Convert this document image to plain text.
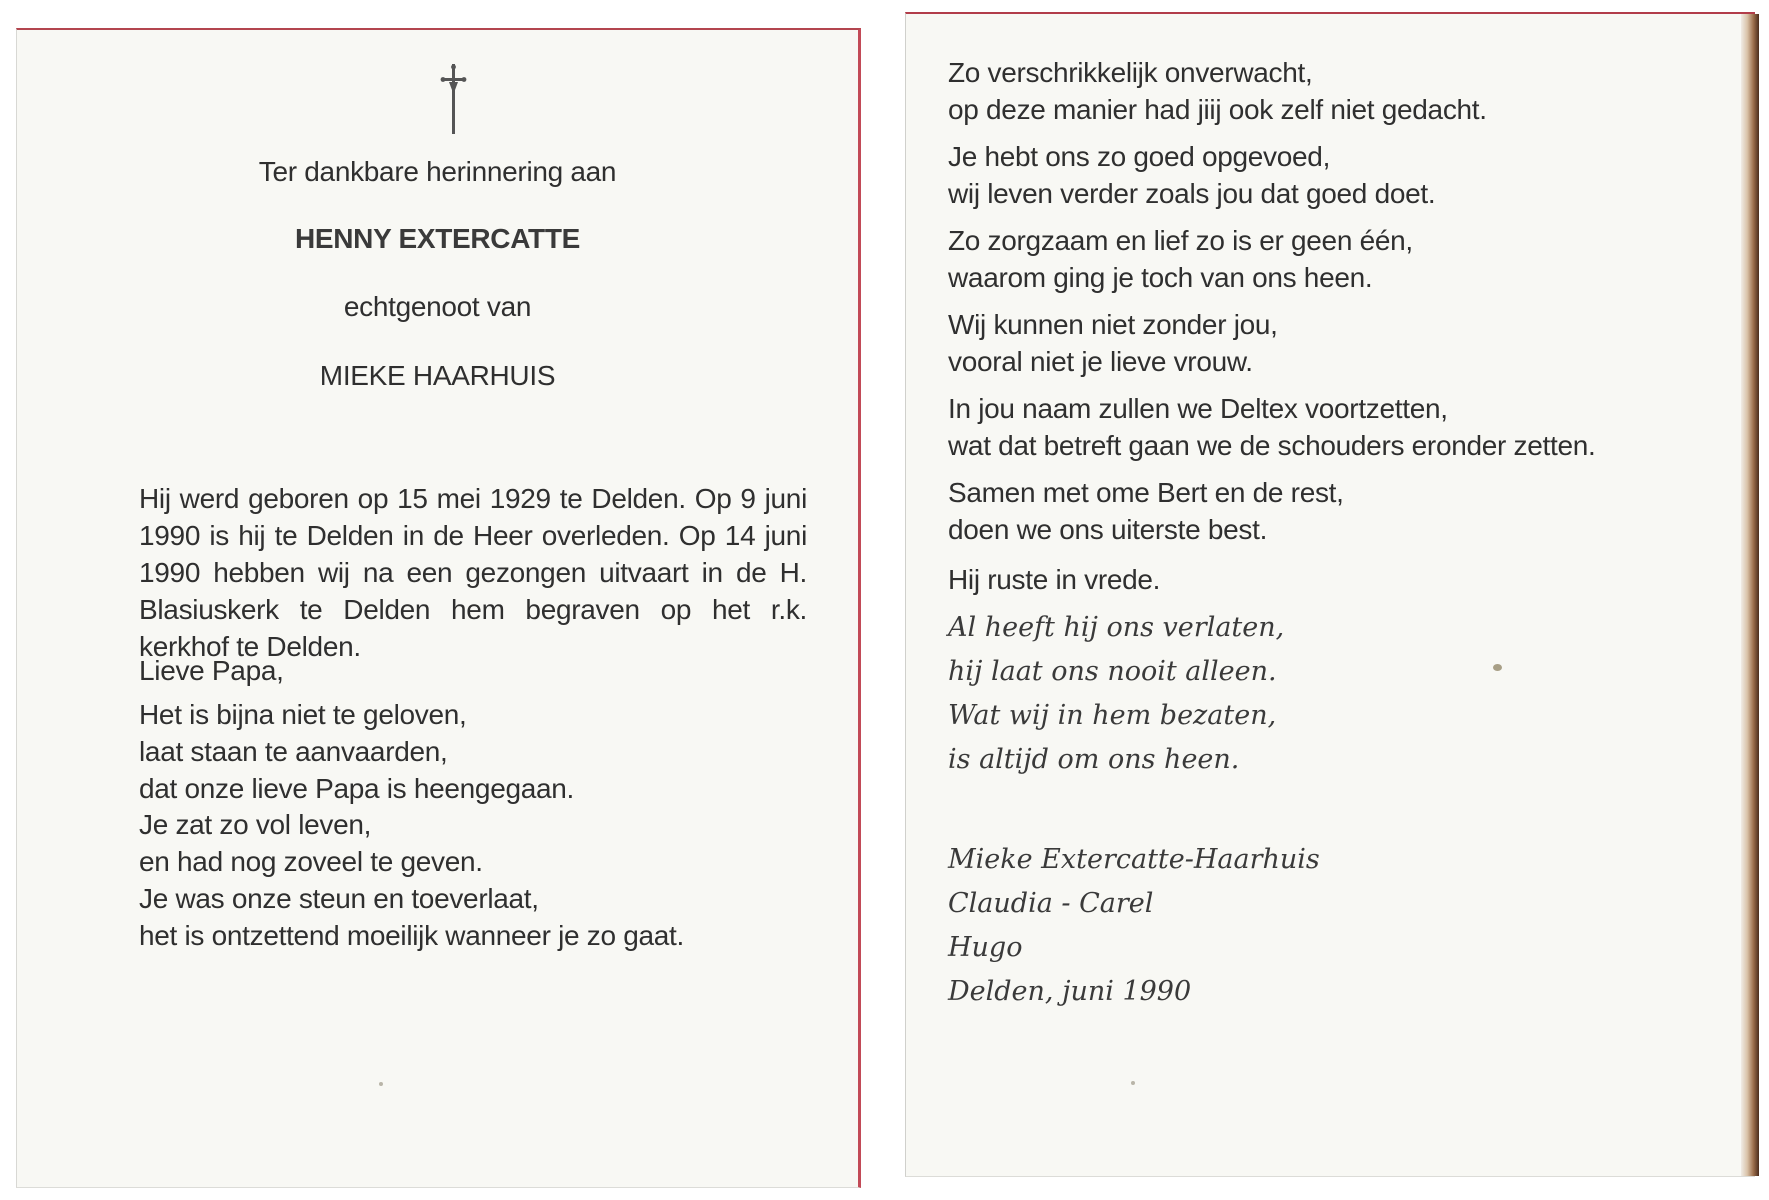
Ter dankbare herinnering aan
HENNY EXTERCATTE
echtgenoot van
MIEKE HAARHUIS
Hij werd geboren op 15 mei 1929 te Delden. Op 9 juni 1990 is hij te Delden in de Heer overleden. Op 14 juni 1990 hebben wij na een gezongen uitvaart in de H. Blasiuskerk te Delden hem begraven op het r.k. kerkhof te Delden.
Lieve Papa,
Het is bijna niet te geloven,
laat staan te aanvaarden,
dat onze lieve Papa is heengegaan.
Je zat zo vol leven,
en had nog zoveel te geven.
Je was onze steun en toeverlaat,
het is ontzettend moeilijk wanneer je zo gaat.
Zo verschrikkelijk onverwacht,
op deze manier had jiij ook zelf niet gedacht.
Je hebt ons zo goed opgevoed,
wij leven verder zoals jou dat goed doet.
Zo zorgzaam en lief zo is er geen één,
waarom ging je toch van ons heen.
Wij kunnen niet zonder jou,
vooral niet je lieve vrouw.
In jou naam zullen we Deltex voortzetten,
wat dat betreft gaan we de schouders eronder zetten.
Samen met ome Bert en de rest,
doen we ons uiterste best.
Hij ruste in vrede.
Al heeft hij ons verlaten,
hij laat ons nooit alleen.
Wat wij in hem bezaten,
is altijd om ons heen.
Mieke Extercatte-Haarhuis
Claudia - Carel
Hugo
Delden, juni 1990
